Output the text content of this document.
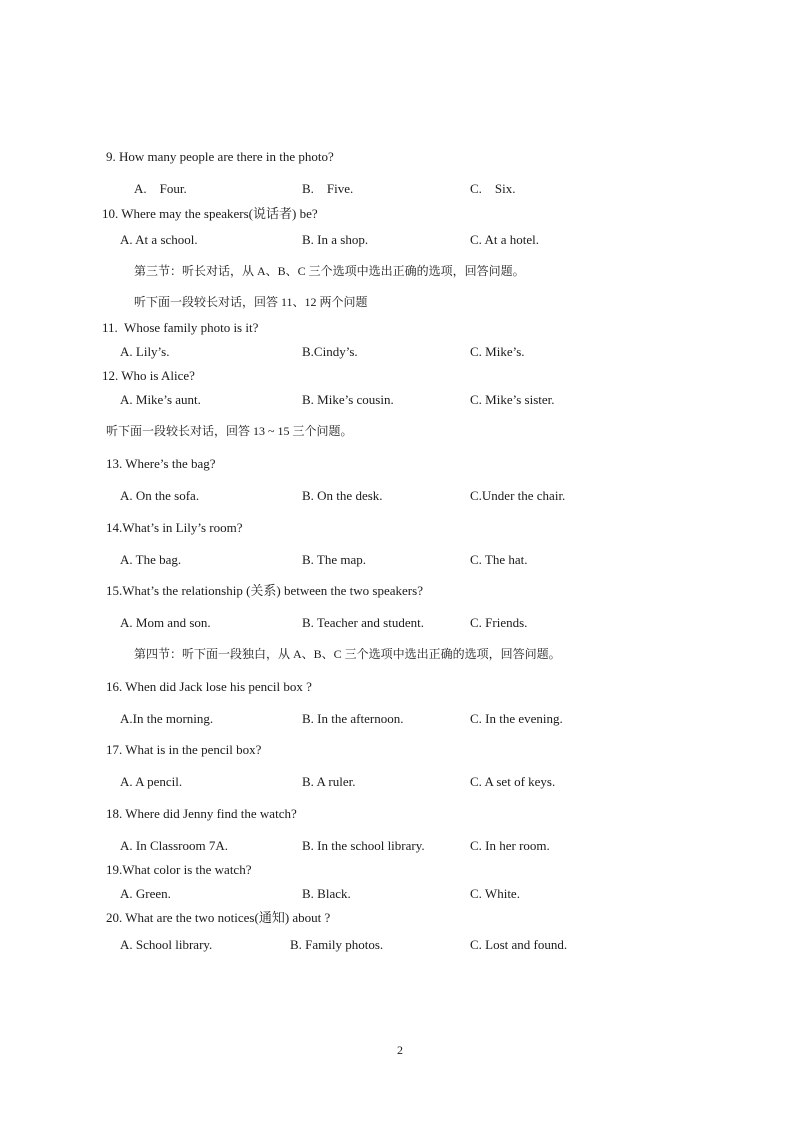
9. How many people are there in the photo?
A.    Four.	B.    Five.	C.    Six.
10. Where may the speakers(说话者) be?
A. At a school.	B. In a shop.	C. At a hotel.
第三节：听长对话，从 A、B、C 三个选项中选出正确的选项，回答问题。
听下面一段较长对话，回答 11、12 两个问题
11.  Whose family photo is it?
A. Lily’s.	B.Cindy’s.	C. Mike’s.
12. Who is Alice?
A. Mike’s aunt.	B. Mike’s cousin.	C. Mike’s sister.
听下面一段较长对话，回答 13 ~ 15 三个问题。
13. Where’s the bag?
A. On the sofa.	B. On the desk.	C.Under the chair.
14.What’s in Lily’s room?
A. The bag.	B. The map.	C. The hat.
15.What’s the relationship (关系) between the two speakers?
A. Mom and son.	B. Teacher and student.	C. Friends.
第四节：听下面一段独白，从 A、B、C 三个选项中选出正确的选项，回答问题。
16. When did Jack lose his pencil box ?
A.In the morning.	B. In the afternoon.	C. In the evening.
17. What is in the pencil box?
A. A pencil.	B. A ruler.	C. A set of keys.
18. Where did Jenny find the watch?
A. In Classroom 7A.	B. In the school library.	C. In her room.
19.What color is the watch?
A. Green.	B. Black.	C. White.
20. What are the two notices(通知) about ?
A. School library.	B. Family photos.	C. Lost and found.
2
